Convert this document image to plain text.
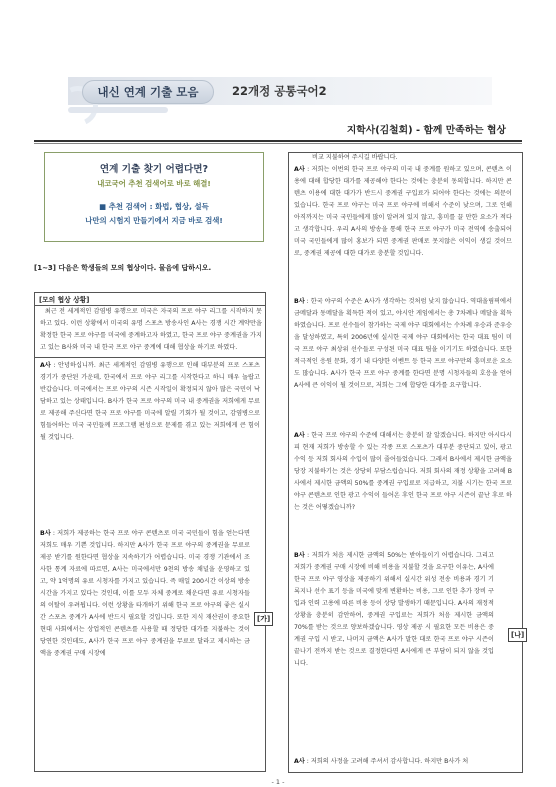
내신 연계 기출 모음	22개정 공통국어2
지학사(김철회) - 함께 만족하는 협상
연계 기출 찾기 어렵다면?
내코국어 추천 검색어로 바로 해결!
■ 추천 검색어 : 화법, 협상, 설득
나만의 시험지 만들기에서 지금 바로 검색!
[1~3] 다음은 학생들의 모의 협상이다. 물음에 답하시오.
[모의 협상 상황]
최근 전 세계적인 감염병 유행으로 미국은 자국의 프로 야구 리그를 시작하지 못하고 있다. 이런 상황에서 미국의 유명 스포츠 방송사인 A사는 경쟁 시간 계약만을 확정한 한국 프로 야구를 미국에 중계하고자 하였고, 한국 프로 야구 중계권을 가지고 있는 B사와 미국 내 한국 프로 야구 중계에 대해 협상을 하기로 하였다.
A사 : 안녕하십니까. 최근 세계적인 감염병 유행으로 인해 대부분의 프로 스포츠 경기가 중단된 가운데, 한국에서 프로 야구 리그를 시작한다고 하니 매우 놀랍고 반갑습니다. 미국에서는 프로 야구의 시즌 시작일이 확정되지 않아 많은 국민이 낙담하고 있는 상태입니다. B사가 한국 프로 야구의 미국 내 중계권을 저희에게 무료로 제공해 주신다면 한국 프로 야구를 미국에 알릴 기회가 될 것이고, 감염병으로 힘들어하는 미국 국민들께 프로그램 편성으로 문제를 겪고 있는 저희에게 큰 힘이 될 것입니다.
B사 : 저희가 제공하는 한국 프로 야구 콘텐츠로 미국 국민들이 힘을 얻는다면 저희도 매우 기쁜 것입니다. 하지만 A사가 한국 프로 야구의 중계권을 무료로 제공 받기를 원한다면 협상을 지속하기가 어렵습니다. 미국 경쟁 기관에서 조사한 통계 자료에 따르면, A사는 미국에서만 9천의 방송 채널을 운영하고 있고, 약 1억명의 유료 시청자를 가지고 있습니다. 즉 매일 200시간 이상의 방송 시간을 가지고 있다는 것인데, 이를 모두 자체 중계로 채운다면 유료 시청자들의 이탈이 우려됩니다. 이런 상황을 타개하기 위해 한국 프로 야구의 좋은 실시간 스포츠 중계가 A사에 반드시 필요할 것입니다. 또한 지식 재산권이 중요한 현대 사회에서는 상업적인 콘텐츠를 사용할 때 정당한 대가를 지불하는 것이 당연한 것인데도, A사가 한국 프로 야구 중계권을 무료로 달라고 제시하는 금액을 중계권 구매 시장에
[가]
비교 지불하여 주시길 바랍니다.
A사 : 저희는 이번의 한국 프로 야구의 미국 내 중계를 원하고 있으며, 콘텐츠 이용에 대해 합당한 대가를 제공해야 한다는 것에는 충분히 동의합니다. 하지만 콘텐츠 이용에 대한 대가가 반드시 중계권 구입료가 되어야 한다는 것에는 의문이 있습니다. 한국 프로 야구는 미국 프로 야구에 비해서 수준이 낮으며, 그로 인해 아직까지는 미국 국민들에게 많이 알려져 있지 않고, 흥미를 끌 만한 요소가 적다고 생각합니다. 우리 A사의 방송을 통해 한국 프로 야구가 미국 전역에 송출되어 미국 국민들에게 많이 홍보가 되면 중계권 판매로 못지않은 이익이 생길 것이므로, 중계권 제공에 대한 대가로 충분할 것입니다.
B사 : 한국 야구의 수준은 A사가 생각하는 것처럼 낮지 않습니다. 역대올림픽에서 금메달과 동메달을 획득한 적이 있고, 야시안 게임에서는 총 7차례나 메달을 획득하였습니다. 프로 선수들이 참가하는 국제 야구 대회에서는 수차례 우승과 준우승을 달성하였고, 특히 2006년에 실시한 국제 야구 대회에서는 한국 대표 팀이 미국 프로 야구 최상위 선수들로 구성된 미국 대표 팀을 이기기도 하였습니다. 또한 적극적인 응원 문화, 경기 내 다양한 이벤트 등 한국 프로 야구만의 흥미로운 요소도 많습니다. A사가 한국 프로 야구 중계를 한다면 분명 시청자들의 호응을 얻어 A사에 큰 이익이 될 것이므로, 저희는 그에 합당한 대가를 요구합니다.
A사 : 한국 프로 야구의 수준에 대해서는 충분히 잘 알겠습니다. 하지만 아시다시피 현재 저희가 방송할 수 있는 각종 프로 스포츠가 대부분 중단되고 있어, 광고 수익 등 저희 회사의 수입이 많이 줄어들었습니다. 그래서 B사에서 제시한 금액을 당장 지불하기는 것은 상당히 부담스럽습니다. 저희 회사의 재정 상황을 고려해 B사에서 제시한 금액의 50%를 중계권 구입료로 지급하고, 지불 시기는 한국 프로 야구 콘텐츠로 인한 광고 수익이 들어온 후인 한국 프로 야구 시즌이 끝난 후로 하는 것은 어떻겠습니까?
B사 : 저희가 처음 제시한 금액의 50%는 받아들이기 어렵습니다. 그리고 저희가 중계권 구매 시장에 비해 비용을 지불할 것을 요구한 이유는, A사에 한국 프로 야구 영상을 제공하기 위해서 실시간 위성 전송 비용과 경기 기록지나 선수 표기 등을 미국에 맞게 변환하는 비용, 그로 인한 추가 장비 구입과 인력 고용에 따른 비용 등이 상당 발생하기 때문입니다. A사의 재정적 상황을 충분히 감안하여, 중계권 구입료는 저희가 처음 제시한 금액의 70%를 받는 것으로 양보하겠습니다. 영상 제공 시 필요한 모든 비용은 중계권 구입 시 받고, 나머지 금액은 A사가 말한 대로 한국 프로 야구 시즌이 끝나기 전까지 받는 것으로 결정한다면 A사에게 큰 부담이 되지 않을 것입니다.
[나]
A사 : 저희의 사정을 고려해 주셔서 감사합니다. 하지만 B사가 처
- 1 -
